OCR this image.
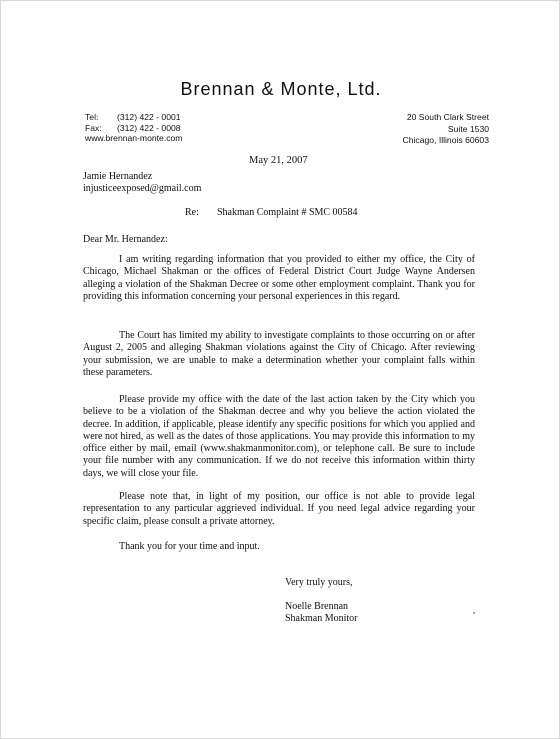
Brennan & Monte, Ltd.
Tel: (312) 422 - 0001
Fax: (312) 422 - 0008
www.brennan-monte.com
20 South Clark Street
Suite 1530
Chicago, Illinois 60603
May 21, 2007
Jamie Hernandez
injusticeexposed@gmail.com
Re: Shakman Complaint # SMC 00584
Dear Mr. Hernandez:

I am writing regarding information that you provided to either my office, the City of Chicago, Michael Shakman or the offices of Federal District Court Judge Wayne Andersen alleging a violation of the Shakman Decree or some other employment complaint. Thank you for providing this information concerning your personal experiences in this regard.

The Court has limited my ability to investigate complaints to those occurring on or after August 2, 2005 and alleging Shakman violations against the City of Chicago. After reviewing your submission, we are unable to make a determination whether your complaint falls within these parameters.

Please provide my office with the date of the last action taken by the City which you believe to be a violation of the Shakman decree and why you believe the action violated the decree. In addition, if applicable, please identify any specific positions for which you applied and were not hired, as well as the dates of those applications. You may provide this information to my office either by mail, email (www.shakmanmonitor.com), or telephone call. Be sure to include your file number with any communication. If we do not receive this information within thirty days, we will close your file.

Please note that, in light of my position, our office is not able to provide legal representation to any particular aggrieved individual. If you need legal advice regarding your specific claim, please consult a private attorney.

Thank you for your time and input.

Very truly yours,
Noelle Brennan
Shakman Monitor
